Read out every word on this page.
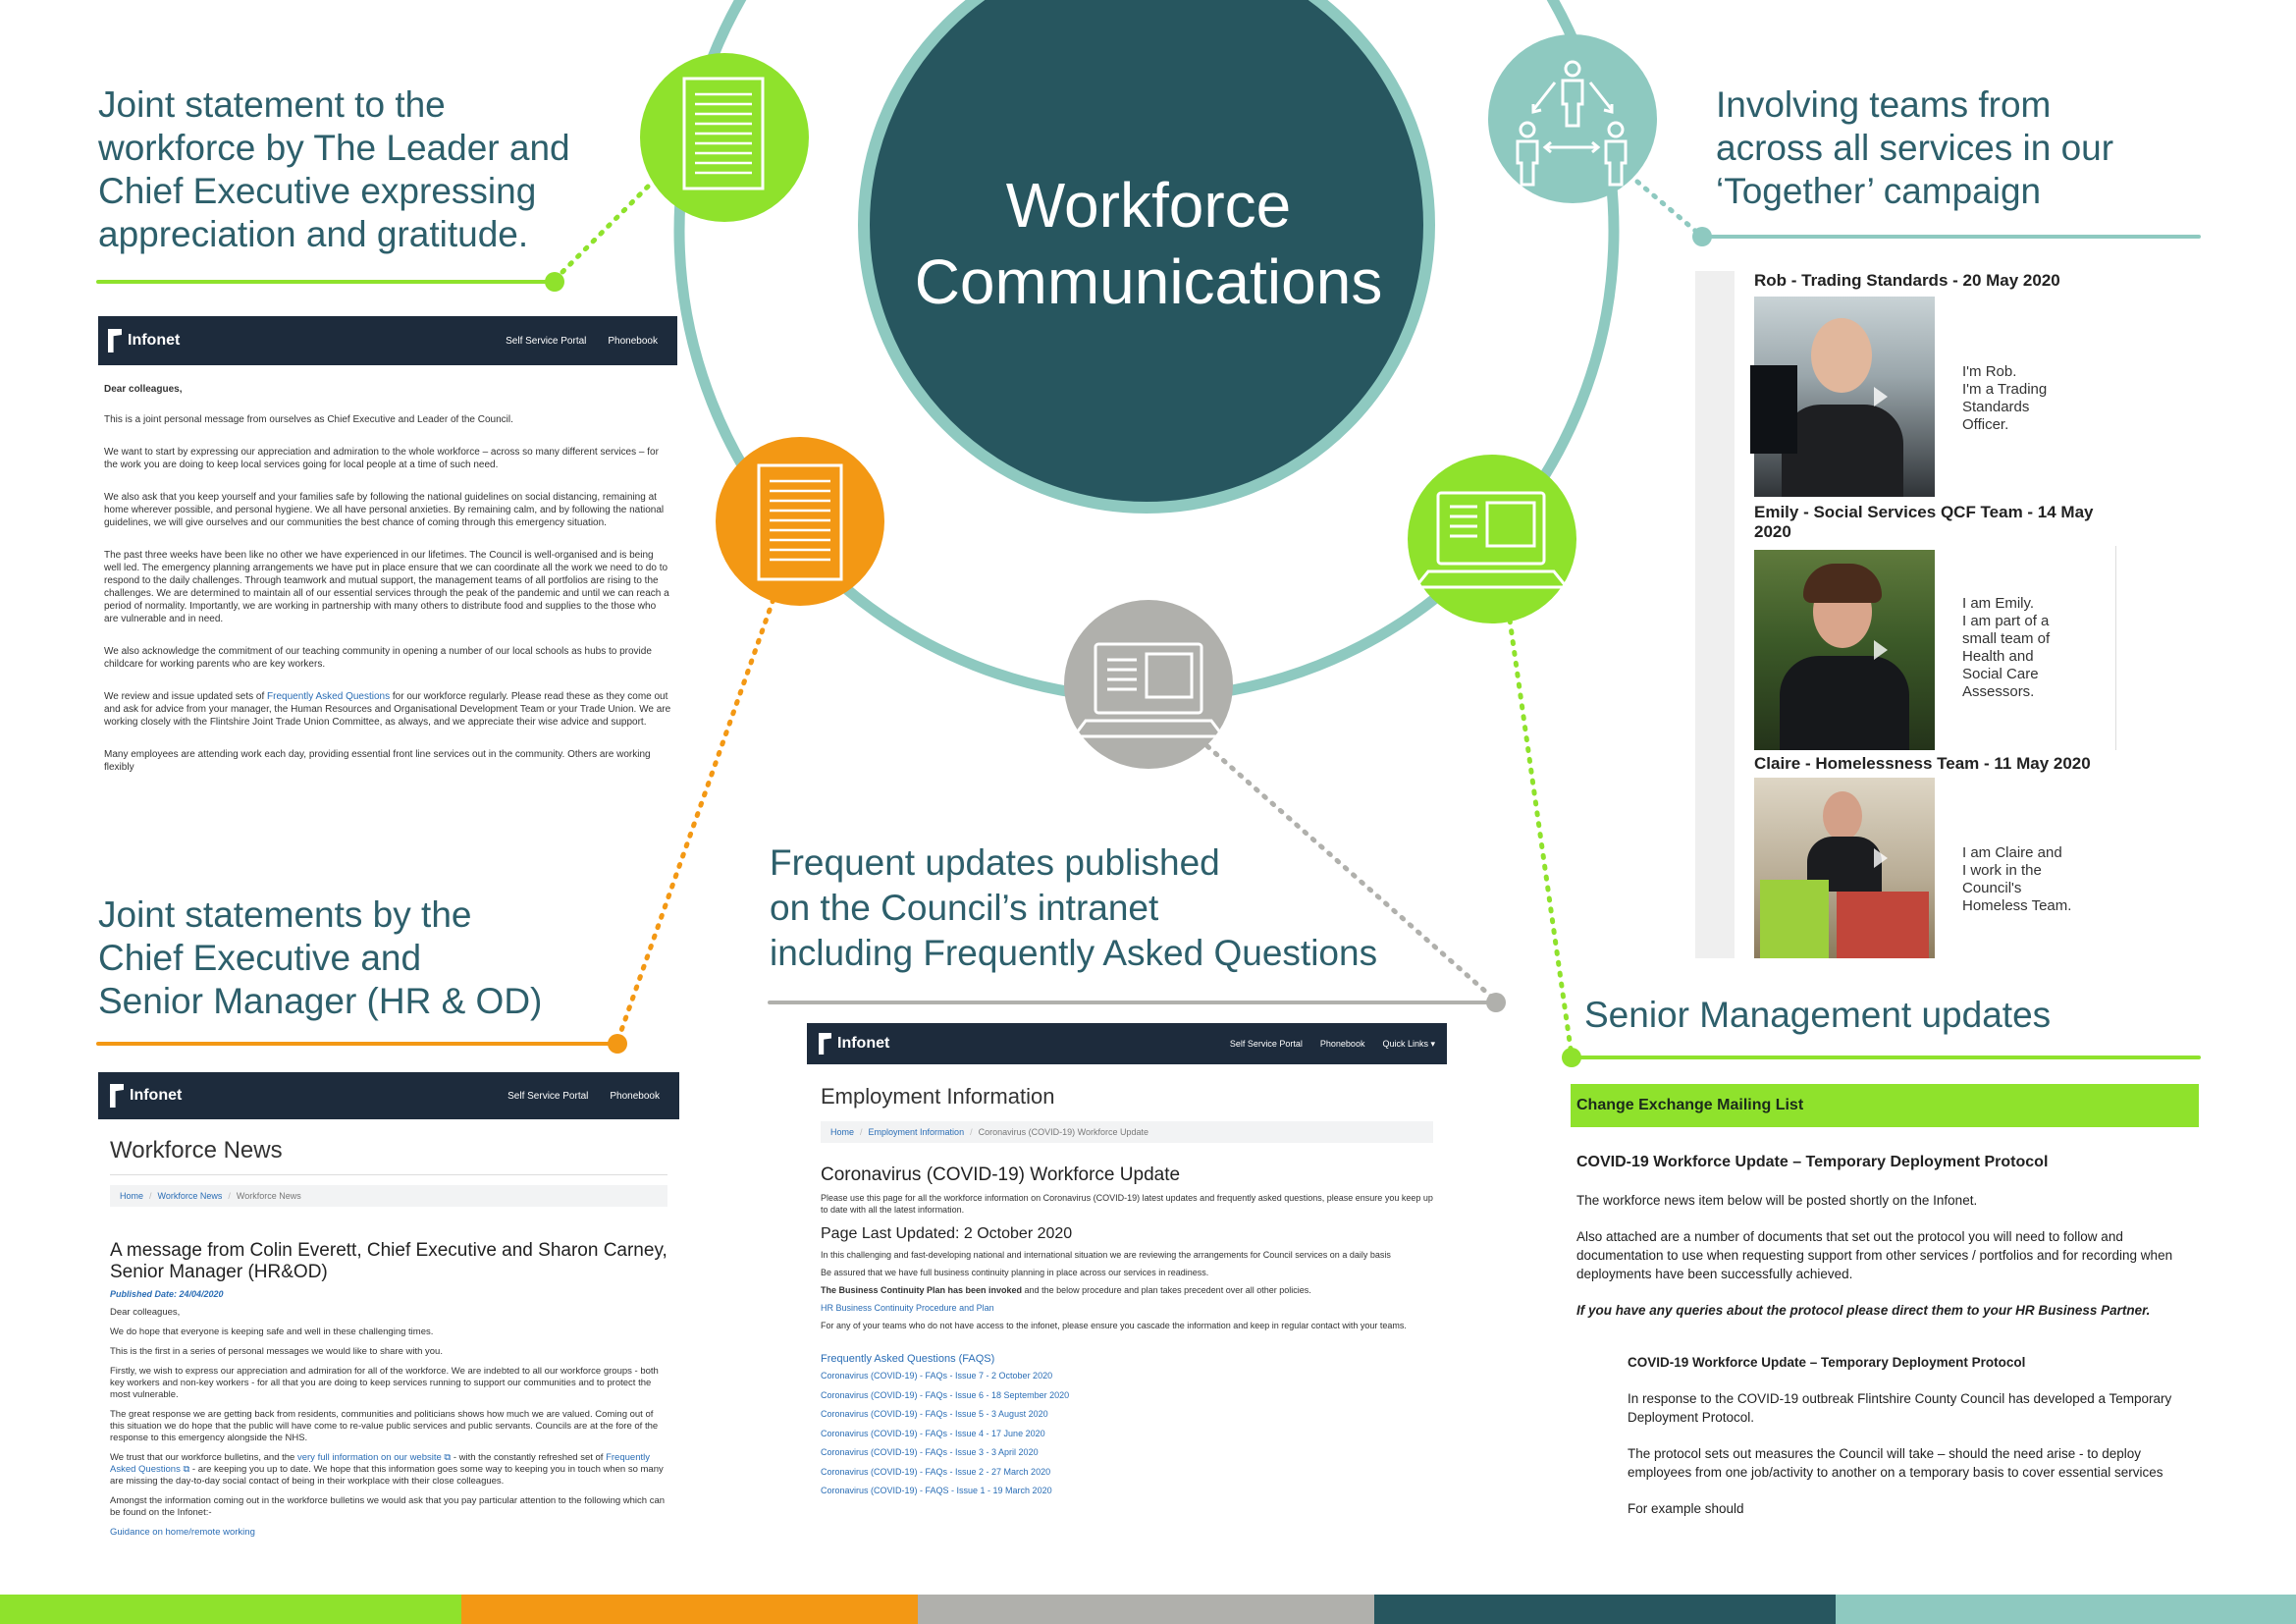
Workforce
Communications
Joint statement to the
workforce by The Leader and
Chief Executive expressing
appreciation and gratitude.
Joint statements by the
Chief Executive and
Senior Manager (HR & OD)
Frequent updates published
on the Council’s intranet
including Frequently Asked Questions
Involving teams from
across all services in our
‘Together’ campaign
Senior Management updates
Infonet	Self Service Portal Phonebook

Dear colleagues,

This is a joint personal message from ourselves as Chief Executive and Leader of the Council.

We want to start by expressing our appreciation and admiration to the whole workforce – across so many different services – for the work you are doing to keep local services going for local people at a time of such need.

We also ask that you keep yourself and your families safe by following the national guidelines on social distancing, remaining at home wherever possible, and personal hygiene. We all have personal anxieties. By remaining calm, and by following the national guidelines, we will give ourselves and our communities the best chance of coming through this emergency situation.

The past three weeks have been like no other we have experienced in our lifetimes. The Council is well-organised and is being well led. The emergency planning arrangements we have put in place ensure that we can coordinate all the work we need to do to respond to the daily challenges. Through teamwork and mutual support, the management teams of all portfolios are rising to the challenges. We are determined to maintain all of our essential services through the peak of the pandemic and until we can reach a period of normality. Importantly, we are working in partnership with many others to distribute food and supplies to the those who are vulnerable and in need.

We also acknowledge the commitment of our teaching community in opening a number of our local schools as hubs to provide childcare for working parents who are key workers.

We review and issue updated sets of Frequently Asked Questions for our workforce regularly. Please read these as they come out and ask for advice from your manager, the Human Resources and Organisational Development Team or your Trade Union. We are working closely with the Flintshire Joint Trade Union Committee, as always, and we appreciate their wise advice and support.

Many employees are attending work each day, providing essential front line services out in the community. Others are working flexibly

Infonet	Self Service Portal Phonebook
Workforce News
Home / Workforce News / Workforce News
A message from Colin Everett, Chief Executive and Sharon Carney, Senior Manager (HR&OD)
Published Date: 24/04/2020

Dear colleagues,

We do hope that everyone is keeping safe and well in these challenging times.

This is the first in a series of personal messages we would like to share with you.

Firstly, we wish to express our appreciation and admiration for all of the workforce. We are indebted to all our workforce groups - both key workers and non-key workers - for all that you are doing to keep services running to support our communities and to protect the most vulnerable.

The great response we are getting back from residents, communities and politicians shows how much we are valued. Coming out of this situation we do hope that the public will have come to re-value public services and public servants. Councils are at the fore of the response to this emergency alongside the NHS.

We trust that our workforce bulletins, and the very full information on our website ⧉ - with the constantly refreshed set of Frequently Asked Questions ⧉ - are keeping you up to date. We hope that this information goes some way to keeping you in touch when so many are missing the day-to-day social contact of being in their workplace with their close colleagues.

Amongst the information coming out in the workforce bulletins we would ask that you pay particular attention to the following which can be found on the Infonet:-

Guidance on home/remote working

Infonet	Self Service Portal Phonebook Quick Links ▾
Employment Information
Home / Employment Information / Coronavirus (COVID-19) Workforce Update
Coronavirus (COVID-19) Workforce Update
Please use this page for all the workforce information on Coronavirus (COVID-19) latest updates and frequently asked questions, please ensure you keep up to date with all the latest information.
Page Last Updated: 2 October 2020

In this challenging and fast-developing national and international situation we are reviewing the arrangements for Council services on a daily basis

Be assured that we have full business continuity planning in place across our services in readiness.

The Business Continuity Plan has been invoked and the below procedure and plan takes precedent over all other policies.

HR Business Continuity Procedure and Plan

For any of your teams who do not have access to the infonet, please ensure you cascade the information and keep in regular contact with your teams.

Frequently Asked Questions (FAQS)
Coronavirus (COVID-19) - FAQs - Issue 7 - 2 October 2020
Coronavirus (COVID-19) - FAQs - Issue 6 - 18 September 2020
Coronavirus (COVID-19) - FAQs - Issue 5 - 3 August 2020
Coronavirus (COVID-19) - FAQs - Issue 4 - 17 June 2020
Coronavirus (COVID-19) - FAQs - Issue 3 - 3 April 2020
Coronavirus (COVID-19) - FAQs - Issue 2 - 27 March 2020
Coronavirus (COVID-19) - FAQS - Issue 1 - 19 March 2020
Rob - Trading Standards - 20 May 2020
I'm Rob.
I'm a Trading
Standards
Officer.
Emily - Social Services QCF Team - 14 May
2020
I am Emily.
I am part of a
small team of
Health and
Social Care
Assessors.
Claire - Homelessness Team - 11 May 2020
I am Claire and
I work in the
Council's
Homeless Team.
Change Exchange Mailing List

COVID-19 Workforce Update – Temporary Deployment Protocol

The workforce news item below will be posted shortly on the Infonet.

Also attached are a number of documents that set out the protocol you will need to follow and documentation to use when requesting support from other services / portfolios and for recording when deployments have been successfully achieved.

If you have any queries about the protocol please direct them to your HR Business Partner.

COVID-19 Workforce Update – Temporary Deployment Protocol

In response to the COVID-19 outbreak Flintshire County Council has developed a Temporary Deployment Protocol.

The protocol sets out measures the Council will take – should the need arise - to deploy employees from one job/activity to another on a temporary basis to cover essential services

For example should
